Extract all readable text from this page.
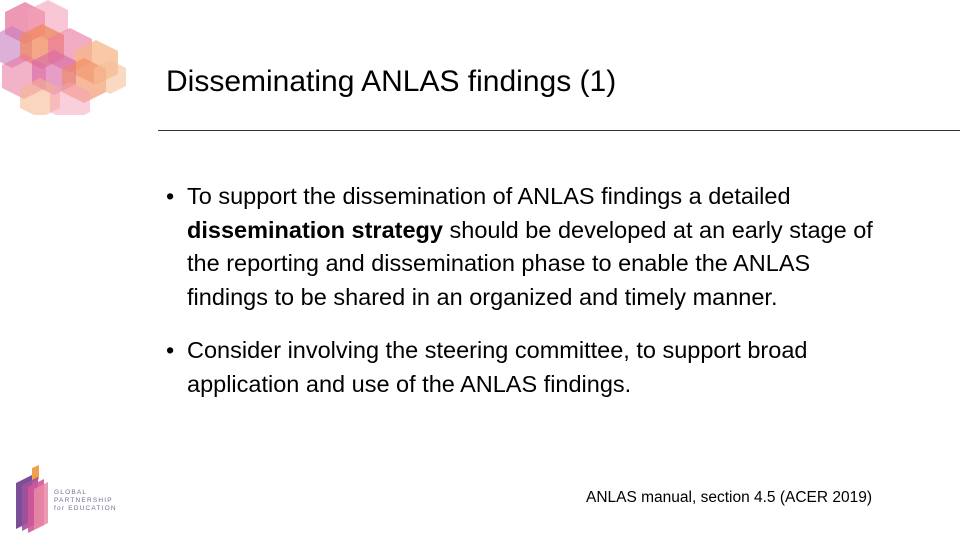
Disseminating ANLAS findings (1)
• To support the dissemination of ANLAS findings a detailed dissemination strategy should be developed at an early stage of the reporting and dissemination phase to enable the ANLAS findings to be shared in an organized and timely manner.
• Consider involving the steering committee, to support broad application and use of the ANLAS findings.
ANLAS manual, section 4.5 (ACER 2019)
GLOBAL
PARTNERSHIP
for EDUCATION
